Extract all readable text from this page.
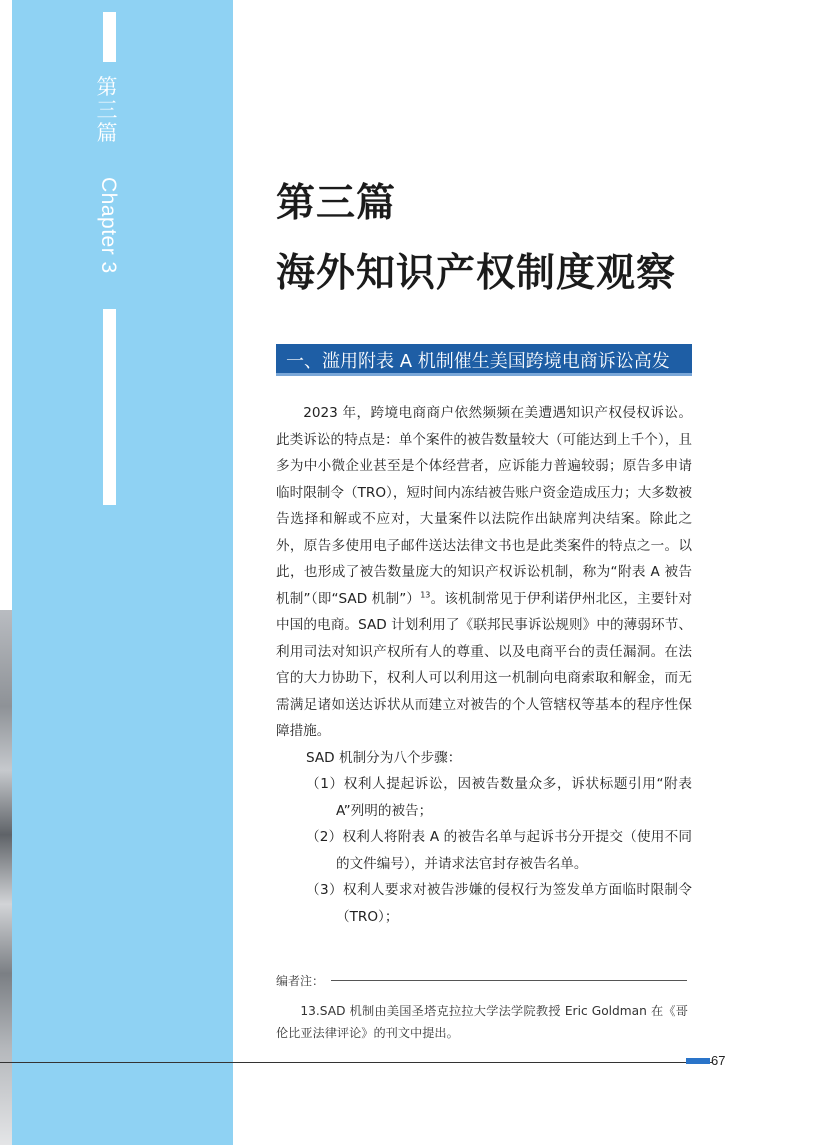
第三篇
Chapter 3	第三篇
海外知识产权制度观察
一、滥用附表 A 机制催生美国跨境电商诉讼高发

2023 年，跨境电商商户依然频频在美遭遇知识产权侵权诉讼。此类诉讼的特点是：单个案件的被告数量较大（可能达到上千个），且多为中小微企业甚至是个体经营者，应诉能力普遍较弱；原告多申请临时限制令（TRO），短时间内冻结被告账户资金造成压力；大多数被告选择和解或不应对，大量案件以法院作出缺席判决结案。除此之外，原告多使用电子邮件送达法律文书也是此类案件的特点之一。以此，也形成了被告数量庞大的知识产权诉讼机制，称为“附表 A 被告机制”（即“SAD 机制”）$^{13}$。该机制常见于伊利诺伊州北区，主要针对中国的电商。SAD 计划利用了《联邦民事诉讼规则》中的薄弱环节、利用司法对知识产权所有人的尊重、以及电商平台的责任漏洞。在法官的大力协助下，权利人可以利用这一机制向电商索取和解金，而无需满足诸如送达诉状从而建立对被告的个人管辖权等基本的程序性保障措施。

SAD 机制分为八个步骤：

（1）权利人提起诉讼，因被告数量众多，诉状标题引用“附表 A”列明的被告；

（2）权利人将附表 A 的被告名单与起诉书分开提交（使用不同的文件编号），并请求法官封存被告名单。

（3）权利人要求对被告涉嫌的侵权行为签发单方面临时限制令（TRO）；

编者注：
13.SAD 机制由美国圣塔克拉拉大学法学院教授 Eric Goldman 在《哥伦比亚法律评论》的刊文中提出。
67
